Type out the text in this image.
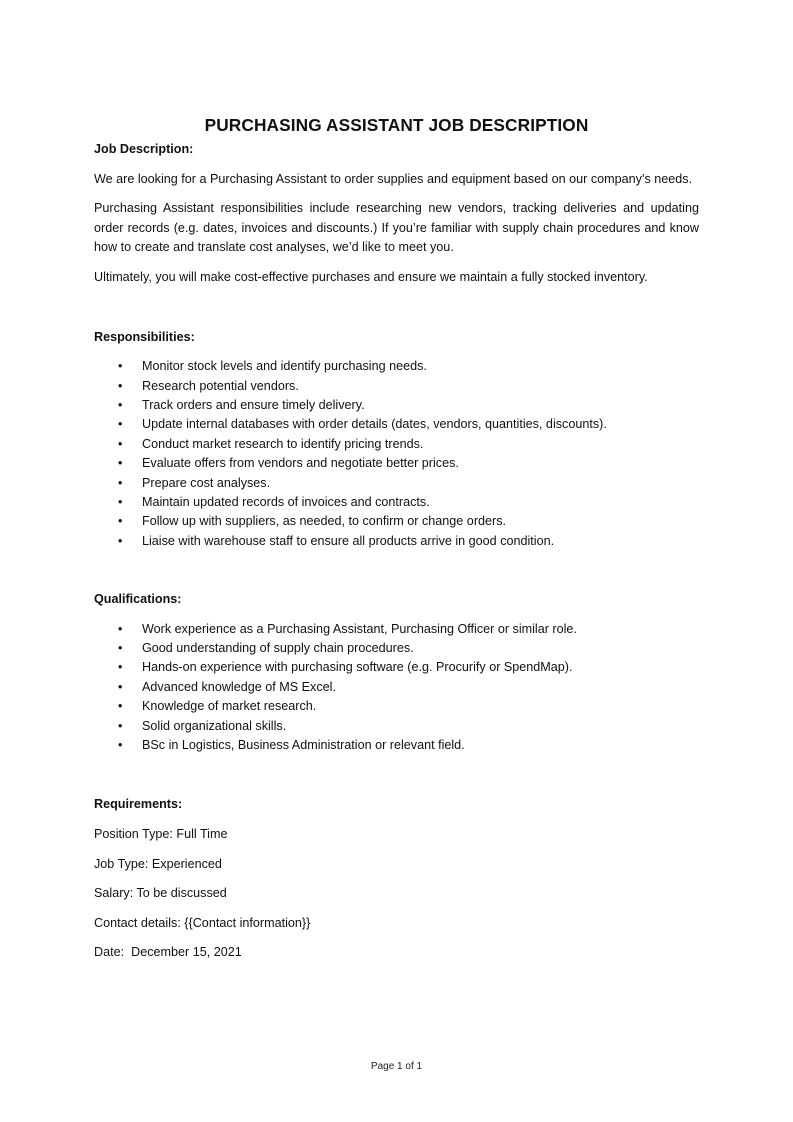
PURCHASING ASSISTANT JOB DESCRIPTION

Job Description:

We are looking for a Purchasing Assistant to order supplies and equipment based on our company’s needs.

Purchasing Assistant responsibilities include researching new vendors, tracking deliveries and updating order records (e.g. dates, invoices and discounts.) If you’re familiar with supply chain procedures and know how to create and translate cost analyses, we’d like to meet you.

Ultimately, you will make cost-effective purchases and ensure we maintain a fully stocked inventory.

Responsibilities:

•	Monitor stock levels and identify purchasing needs.
•	Research potential vendors.
•	Track orders and ensure timely delivery.
•	Update internal databases with order details (dates, vendors, quantities, discounts).
•	Conduct market research to identify pricing trends.
•	Evaluate offers from vendors and negotiate better prices.
•	Prepare cost analyses.
•	Maintain updated records of invoices and contracts.
•	Follow up with suppliers, as needed, to confirm or change orders.
•	Liaise with warehouse staff to ensure all products arrive in good condition.

Qualifications:

•	Work experience as a Purchasing Assistant, Purchasing Officer or similar role.
•	Good understanding of supply chain procedures.
•	Hands-on experience with purchasing software (e.g. Procurify or SpendMap).
•	Advanced knowledge of MS Excel.
•	Knowledge of market research.
•	Solid organizational skills.
•	BSc in Logistics, Business Administration or relevant field.

Requirements:

Position Type: Full Time

Job Type: Experienced

Salary: To be discussed

Contact details: {{Contact information}}

Date:  December 15, 2021

Page 1 of 1
